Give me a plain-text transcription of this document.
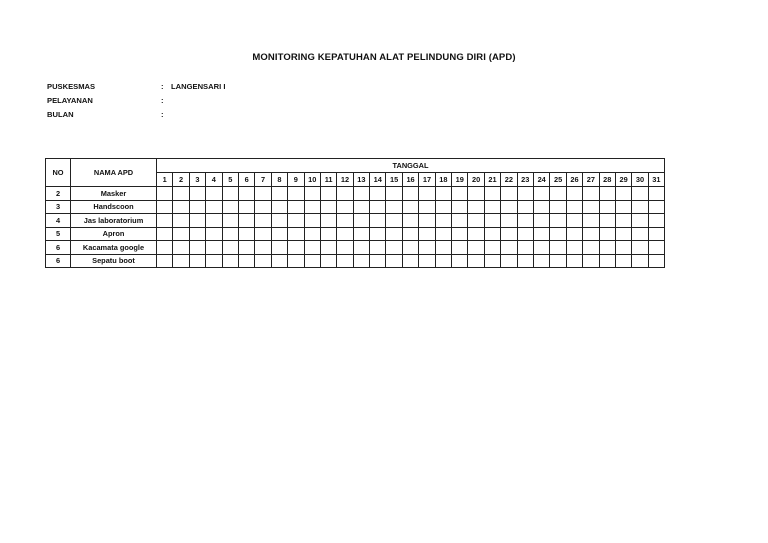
MONITORING KEPATUHAN ALAT PELINDUNG DIRI (APD)
PUSKESMAS	: LANGENSARI I
PELAYANAN	:
BULAN	:
NO	NAMA APD	TANGGAL																														
		1	2	3	4	5	6	7	8	9	10	11	12	13	14	15	16	17	18	19	20	21	22	23	24	25	26	27	28	29	30	31
2	Masker																															
3	Handscoon																															
4	Jas laboratorium																															
5	Apron																															
6	Kacamata google																															
6	Sepatu boot																															
